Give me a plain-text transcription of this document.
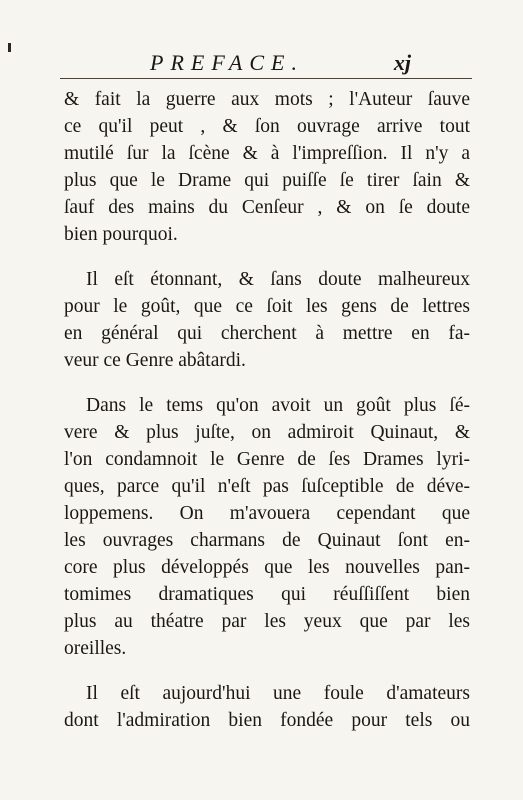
PREFACE.	xj
& fait la guerre aux mots ; l'Auteur ſauve
ce qu'il peut , & ſon ouvrage arrive tout
mutilé ſur la ſcène & à l'impreſſion. Il n'y a
plus que le Drame qui puiſſe ſe tirer ſain &
ſauf des mains du Cenſeur , & on ſe doute
bien pourquoi.
Il eſt étonnant, & ſans doute malheureux
pour le goût, que ce ſoit les gens de lettres
en général qui cherchent à mettre en fa-
veur ce Genre abâtardi.
Dans le tems qu'on avoit un goût plus ſé-
vere & plus juſte, on admiroit Quinaut, &
l'on condamnoit le Genre de ſes Drames lyri-
ques, parce qu'il n'eſt pas ſuſceptible de déve-
loppemens. On m'avouera cependant que
les ouvrages charmans de Quinaut ſont en-
core plus développés que les nouvelles pan-
tomimes dramatiques qui réuſſiſſent bien
plus au théatre par les yeux que par les
oreilles.
Il eſt aujourd'hui une foule d'amateurs
dont l'admiration bien fondée pour tels ou
